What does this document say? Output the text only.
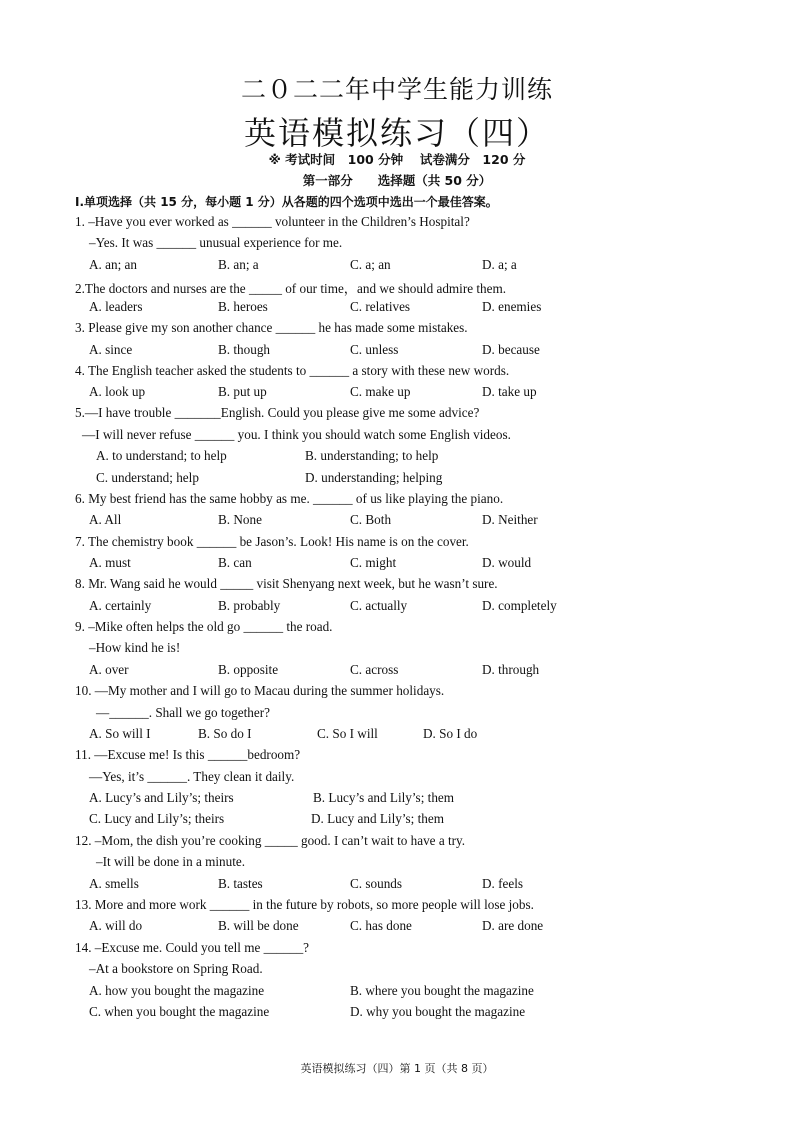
二０二二年中学生能力训练
英语模拟练习（四）
※ 考试时间　100 分钟　 试卷满分　120 分
第一部分　　选择题（共 50 分）
I.单项选择（共 15 分，每小题 1 分）从各题的四个选项中选出一个最佳答案。
1. –Have you ever worked as ______ volunteer in the Children’s Hospital?
–Yes. It was ______ unusual experience for me.
A. an; an	B. an; a	C. a; an	D. a; a
2.The doctors and nurses are the _____ of our time，and we should admire them.
A. leaders	B. heroes	C. relatives	D. enemies
3. Please give my son another chance ______ he has made some mistakes.
A. since	B. though	C. unless	D. because
4. The English teacher asked the students to ______ a story with these new words.
A. look up	B. put up	C. make up	D. take up
5.—I have trouble _______English. Could you please give me some advice?
—I will never refuse ______ you. I think you should watch some English videos.
A. to understand; to help	B. understanding; to help
C. understand; help	D. understanding; helping
6. My best friend has the same hobby as me. ______ of us like playing the piano.
A. All	B. None	C. Both	D. Neither
7. The chemistry book ______ be Jason’s. Look! His name is on the cover.
A. must	B. can	C. might	D. would
8. Mr. Wang said he would _____ visit Shenyang next week, but he wasn’t sure.
A. certainly	B. probably	C. actually	D. completely
9. –Mike often helps the old go ______ the road.
–How kind he is!
A. over	B. opposite	C. across	D. through
10. —My mother and I will go to Macau during the summer holidays.
—______. Shall we go together?
A. So will I	B. So do I	C. So I will	D. So I do
11. —Excuse me! Is this ______bedroom?
—Yes, it’s ______. They clean it daily.
A. Lucy’s and Lily’s; theirs	B. Lucy’s and Lily’s; them
C. Lucy and Lily’s; theirs	D. Lucy and Lily’s; them
12. –Mom, the dish you’re cooking _____ good. I can’t wait to have a try.
–It will be done in a minute.
A. smells	B. tastes	C. sounds	D. feels
13. More and more work ______ in the future by robots, so more people will lose jobs.
A. will do	B. will be done	C. has done	D. are done
14. –Excuse me. Could you tell me ______?
–At a bookstore on Spring Road.
A. how you bought the magazine	B. where you bought the magazine
C. when you bought the magazine	D. why you bought the magazine
英语模拟练习（四）第 1 页（共 8 页）
